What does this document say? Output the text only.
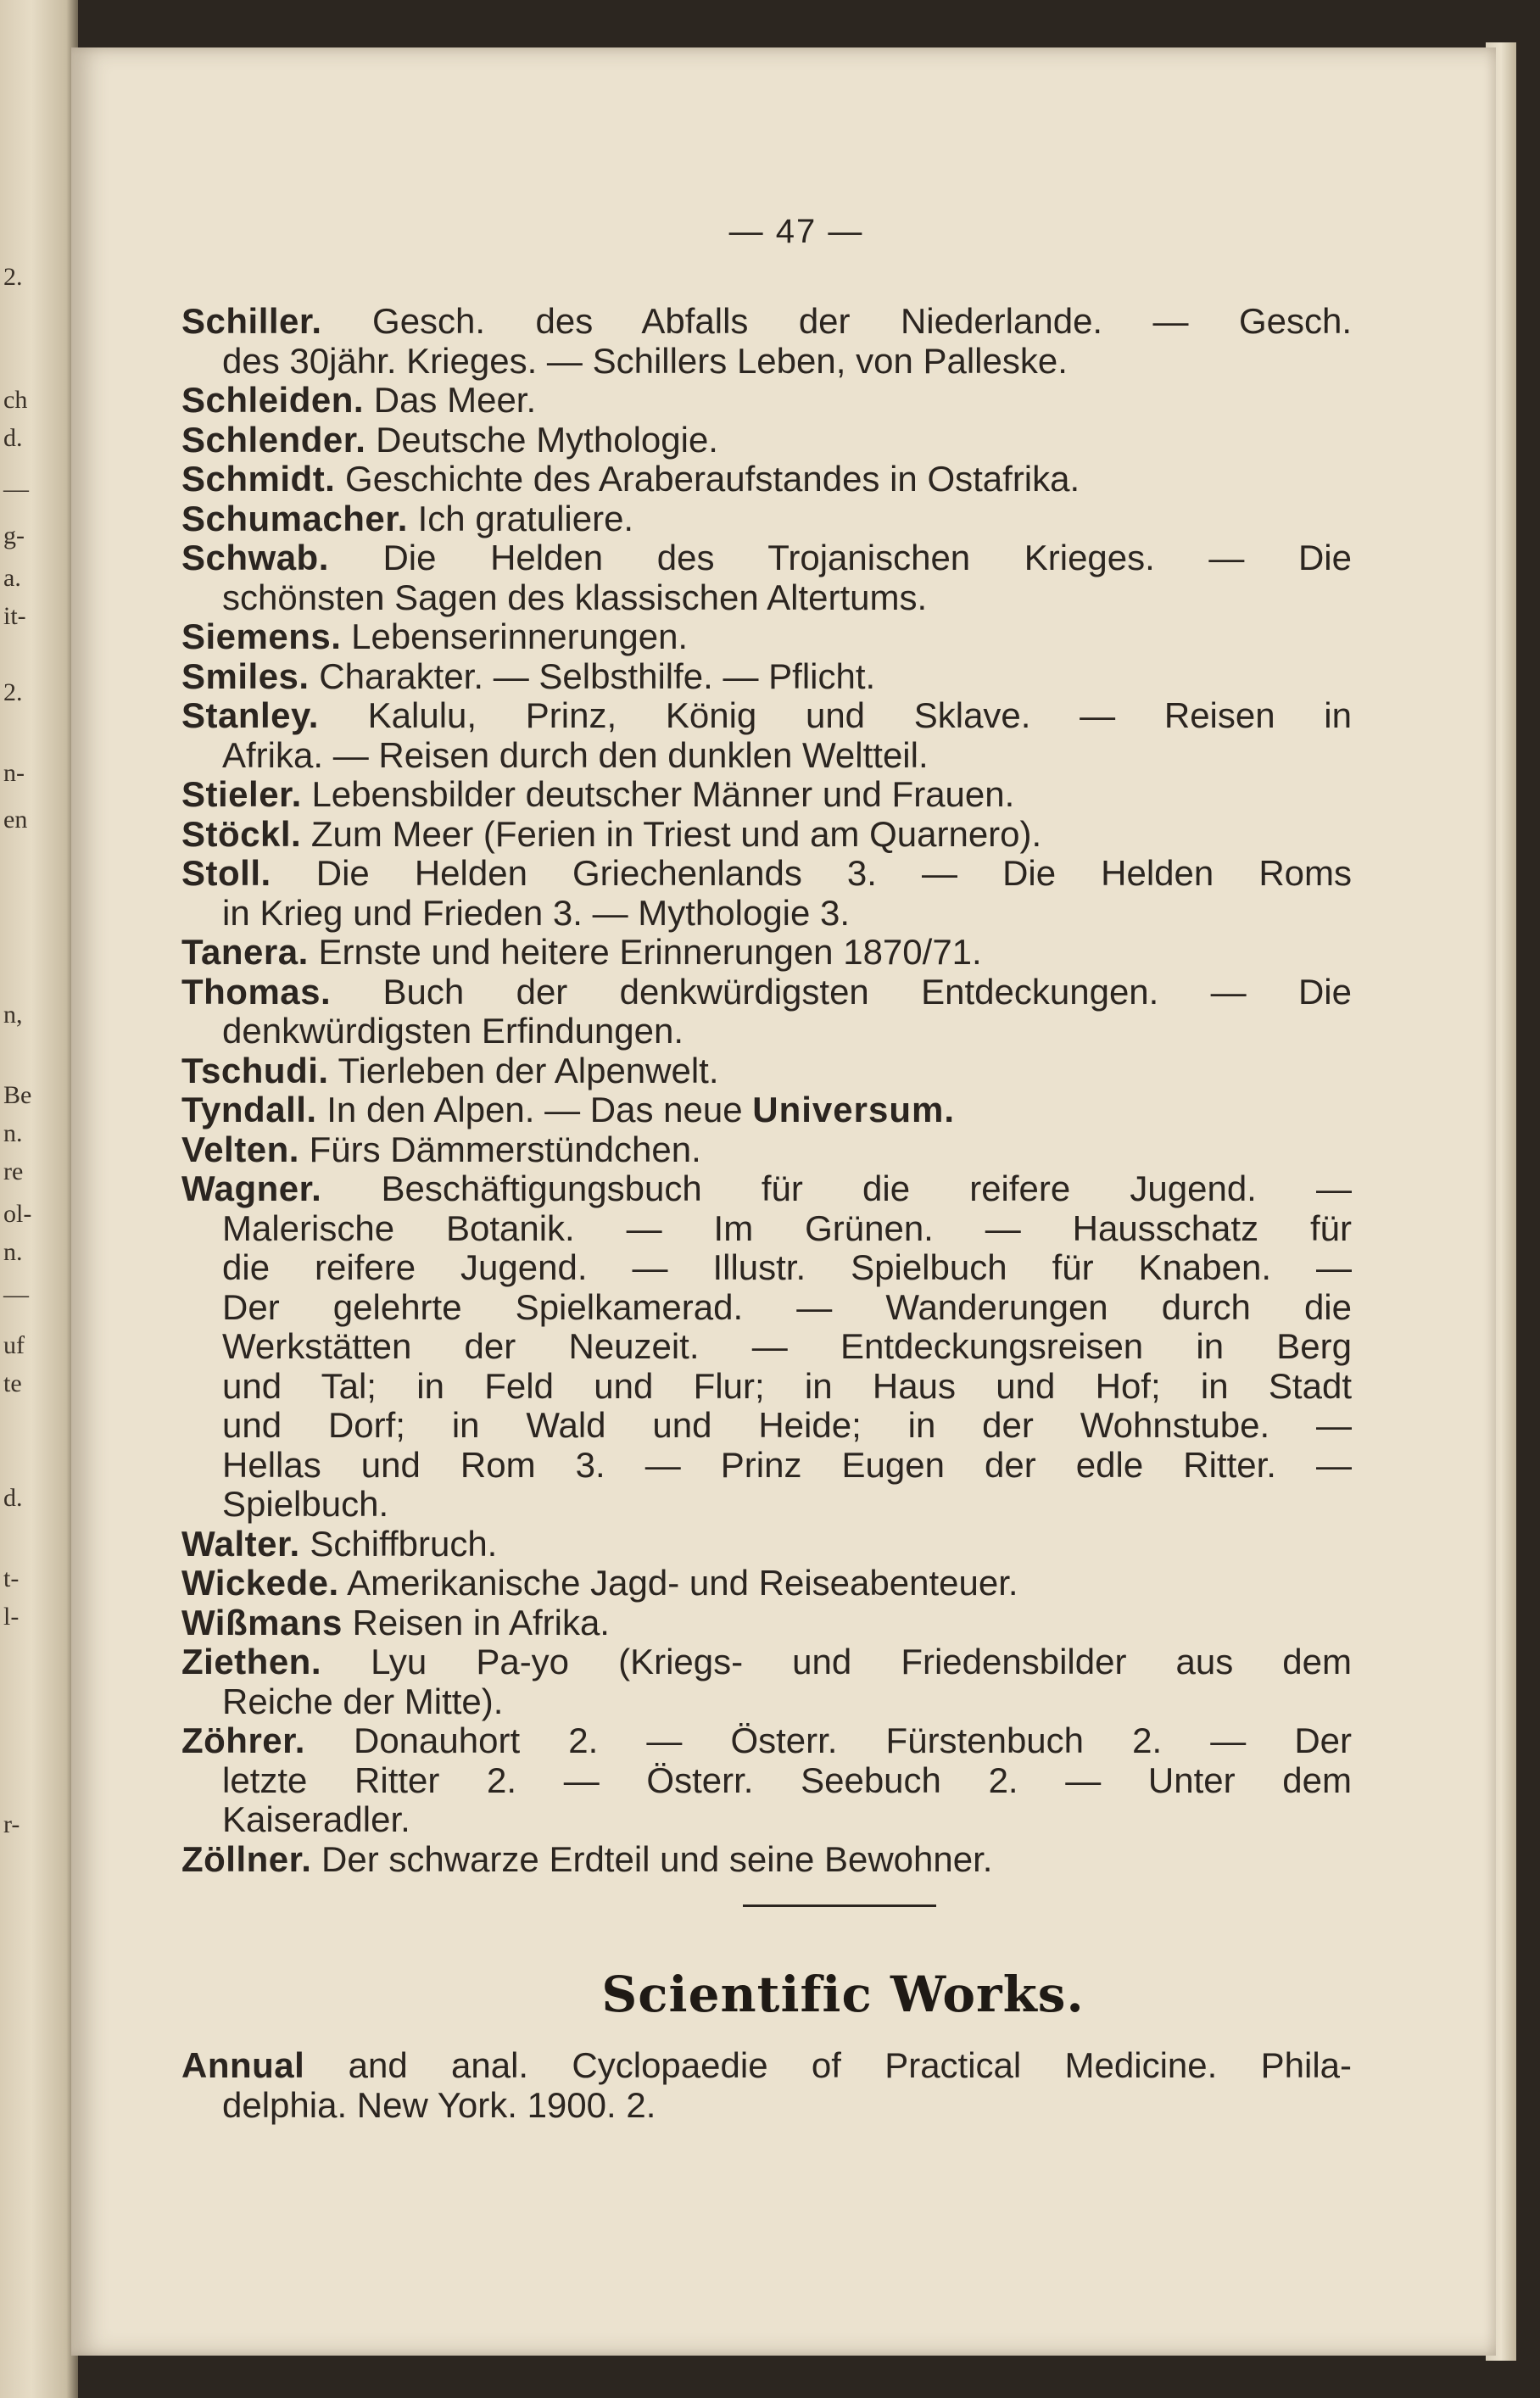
2.
ch
d.
—
g-
a.
it-
2.
n-
en
n,
Be
n.
re
ol-
n.
—
uf
te
d.
t-
l-
r-
— 47 —
Schiller. Gesch. des Abfalls der Niederlande. — Gesch.
des 30jähr. Krieges. — Schillers Leben, von Palleske.
Schleiden. Das Meer.
Schlender. Deutsche Mythologie.
Schmidt. Geschichte des Araberaufstandes in Ostafrika.
Schumacher. Ich gratuliere.
Schwab. Die Helden des Trojanischen Krieges. — Die
schönsten Sagen des klassischen Altertums.
Siemens. Lebenserinnerungen.
Smiles. Charakter. — Selbsthilfe. — Pflicht.
Stanley. Kalulu, Prinz, König und Sklave. — Reisen in
Afrika. — Reisen durch den dunklen Weltteil.
Stieler. Lebensbilder deutscher Männer und Frauen.
Stöckl. Zum Meer (Ferien in Triest und am Quarnero).
Stoll. Die Helden Griechenlands 3. — Die Helden Roms
in Krieg und Frieden 3. — Mythologie 3.
Tanera. Ernste und heitere Erinnerungen 1870/71.
Thomas. Buch der denkwürdigsten Entdeckungen. — Die
denkwürdigsten Erfindungen.
Tschudi. Tierleben der Alpenwelt.
Tyndall. In den Alpen. — Das neue Universum.
Velten. Fürs Dämmerstündchen.
Wagner. Beschäftigungsbuch für die reifere Jugend. —
Malerische Botanik. — Im Grünen. — Hausschatz für
die reifere Jugend. — Illustr. Spielbuch für Knaben. —
Der gelehrte Spielkamerad. — Wanderungen durch die
Werkstätten der Neuzeit. — Entdeckungsreisen in Berg
und Tal; in Feld und Flur; in Haus und Hof; in Stadt
und Dorf; in Wald und Heide; in der Wohnstube. —
Hellas und Rom 3. — Prinz Eugen der edle Ritter. —
Spielbuch.
Walter. Schiffbruch.
Wickede. Amerikanische Jagd- und Reiseabenteuer.
Wißmans Reisen in Afrika.
Ziethen. Lyu Pa-yo (Kriegs- und Friedensbilder aus dem
Reiche der Mitte).
Zöhrer. Donauhort 2. — Österr. Fürstenbuch 2. — Der
letzte Ritter 2. — Österr. Seebuch 2. — Unter dem
Kaiseradler.
Zöllner. Der schwarze Erdteil und seine Bewohner.
Scientific Works.
Annual and anal. Cyclopaedie of Practical Medicine. Phila-
delphia. New York. 1900. 2.
